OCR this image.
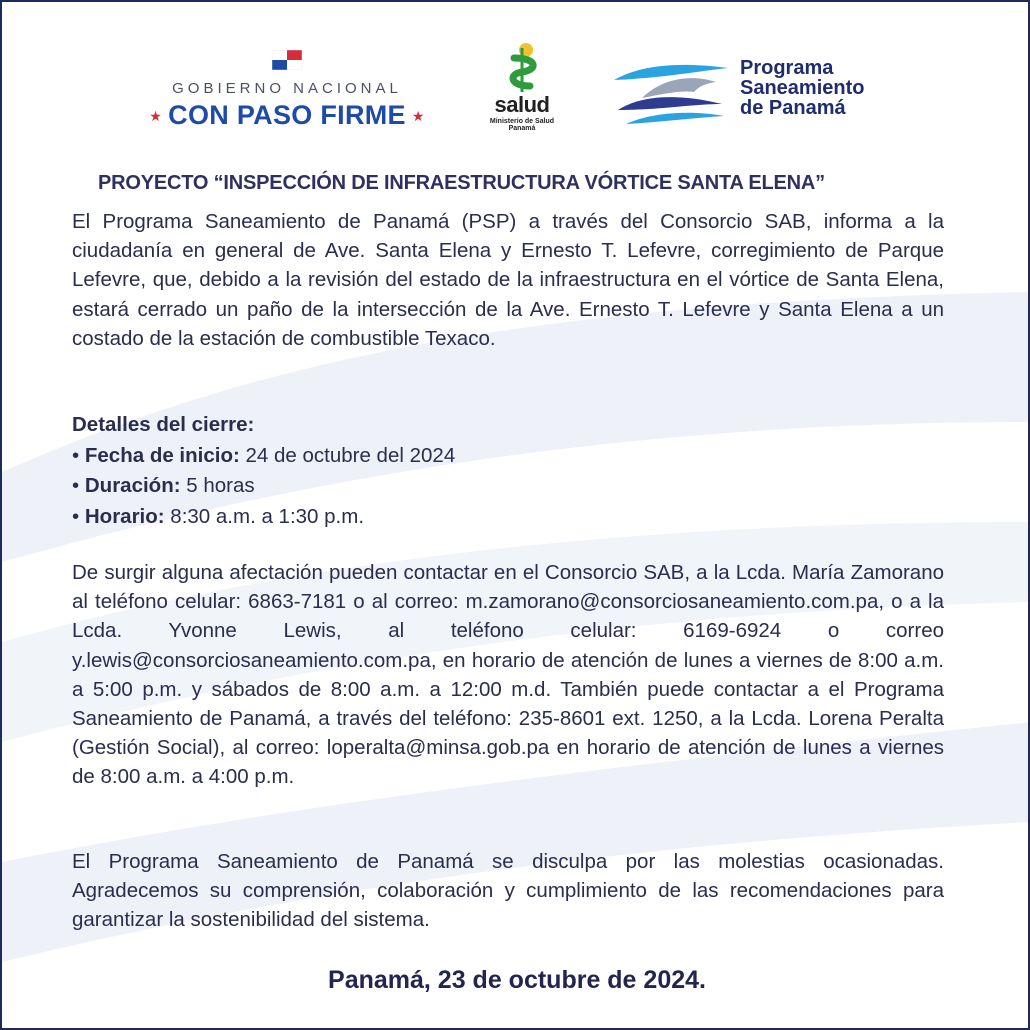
GOBIERNO NACIONAL
★ CON PASO FIRME ★	salud
Ministerio de Salud
Panamá
Programa
Saneamiento
de Panamá
PROYECTO “INSPECCIÓN DE INFRAESTRUCTURA VÓRTICE SANTA ELENA”
El Programa Saneamiento de Panamá (PSP) a través del Consorcio SAB, informa a la ciudadanía en general de Ave. Santa Elena y Ernesto T. Lefevre, corregimiento de Parque Lefevre, que, debido a la revisión del estado de la infraestructura en el vórtice de Santa Elena, estará cerrado un paño de la intersección de la Ave. Ernesto T. Lefevre y Santa Elena a un costado de la estación de combustible Texaco.
Detalles del cierre:
• Fecha de inicio: 24 de octubre del 2024
• Duración: 5 horas
• Horario: 8:30 a.m. a 1:30 p.m.
De surgir alguna afectación pueden contactar en el Consorcio SAB, a la Lcda. María Zamorano al teléfono celular: 6863-7181 o al correo: m.zamorano@consorciosaneamiento.com.pa, o a la Lcda. Yvonne Lewis, al teléfono celular: 6169-6924 o correo y.lewis@consorciosaneamiento.com.pa, en horario de atención de lunes a viernes de 8:00 a.m. a 5:00 p.m. y sábados de 8:00 a.m. a 12:00 m.d. También puede contactar a el Programa Saneamiento de Panamá, a través del teléfono: 235-8601 ext. 1250, a la Lcda. Lorena Peralta (Gestión Social), al correo: loperalta@minsa.gob.pa en horario de atención de lunes a viernes de 8:00 a.m. a 4:00 p.m.
El Programa Saneamiento de Panamá se disculpa por las molestias ocasionadas. Agradecemos su comprensión, colaboración y cumplimiento de las recomendaciones para garantizar la sostenibilidad del sistema.
Panamá, 23 de octubre de 2024.
